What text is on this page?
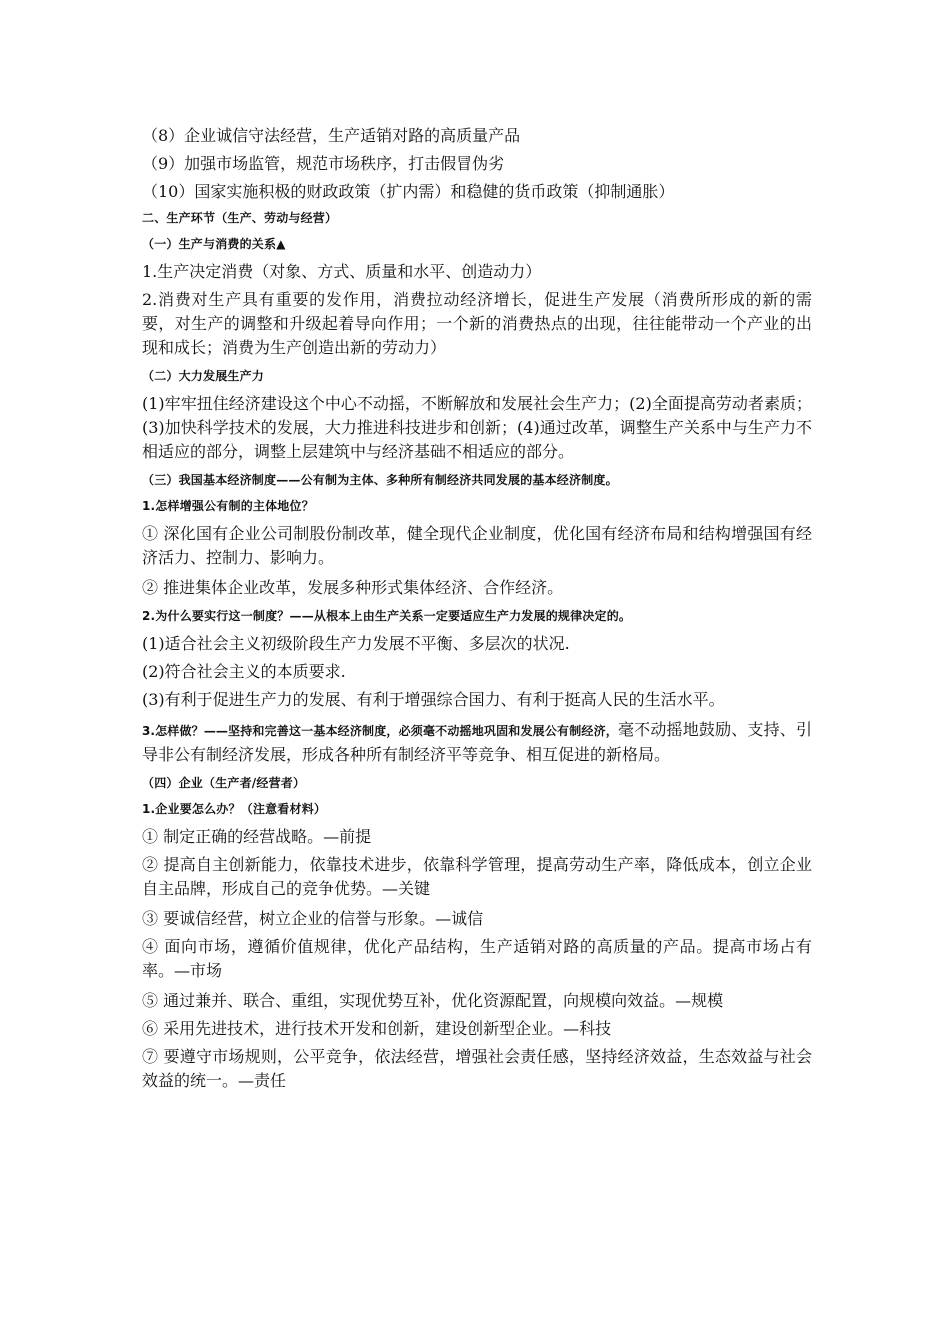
（8）企业诚信守法经营，生产适销对路的高质量产品

（9）加强市场监管，规范市场秩序，打击假冒伪劣

（10）国家实施积极的财政政策（扩内需）和稳健的货币政策（抑制通胀）

二、生产环节（生产、劳动与经营）
（一）生产与消费的关系▲

1.生产决定消费（对象、方式、质量和水平、创造动力）

2.消费对生产具有重要的发作用，消费拉动经济增长，促进生产发展（消费所形成的新的需要，对生产的调整和升级起着导向作用；一个新的消费热点的出现，往往能带动一个产业的出现和成长；消费为生产创造出新的劳动力）

（二）大力发展生产力

(1)牢牢扭住经济建设这个中心不动摇，不断解放和发展社会生产力；(2)全面提高劳动者素质；(3)加快科学技术的发展，大力推进科技进步和创新；(4)通过改革，调整生产关系中与生产力不相适应的部分，调整上层建筑中与经济基础不相适应的部分。

（三）我国基本经济制度——公有制为主体、多种所有制经济共同发展的基本经济制度。
1.怎样增强公有制的主体地位？

① 深化国有企业公司制股份制改革，健全现代企业制度，优化国有经济布局和结构增强国有经济活力、控制力、影响力。

② 推进集体企业改革，发展多种形式集体经济、合作经济。

2.为什么要实行这一制度？——从根本上由生产关系一定要适应生产力发展的规律决定的。

(1)适合社会主义初级阶段生产力发展不平衡、多层次的状况.

(2)符合社会主义的本质要求.

(3)有利于促进生产力的发展、有利于增强综合国力、有利于挺高人民的生活水平。

3.怎样做？——坚持和完善这一基本经济制度，必须毫不动摇地巩固和发展公有制经济，毫不动摇地鼓励、支持、引导非公有制经济发展，形成各种所有制经济平等竞争、相互促进的新格局。

（四）企业（生产者/经营者）
1.企业要怎么办？（注意看材料）

① 制定正确的经营战略。—前提

② 提高自主创新能力，依靠技术进步，依靠科学管理，提高劳动生产率，降低成本，创立企业自主品牌，形成自己的竞争优势。—关键

③ 要诚信经营，树立企业的信誉与形象。—诚信

④ 面向市场，遵循价值规律，优化产品结构，生产适销对路的高质量的产品。提高市场占有率。—市场

⑤ 通过兼并、联合、重组，实现优势互补，优化资源配置，向规模向效益。—规模

⑥ 采用先进技术，进行技术开发和创新，建设创新型企业。—科技

⑦ 要遵守市场规则，公平竞争，依法经营，增强社会责任感，坚持经济效益，生态效益与社会效益的统一。—责任
